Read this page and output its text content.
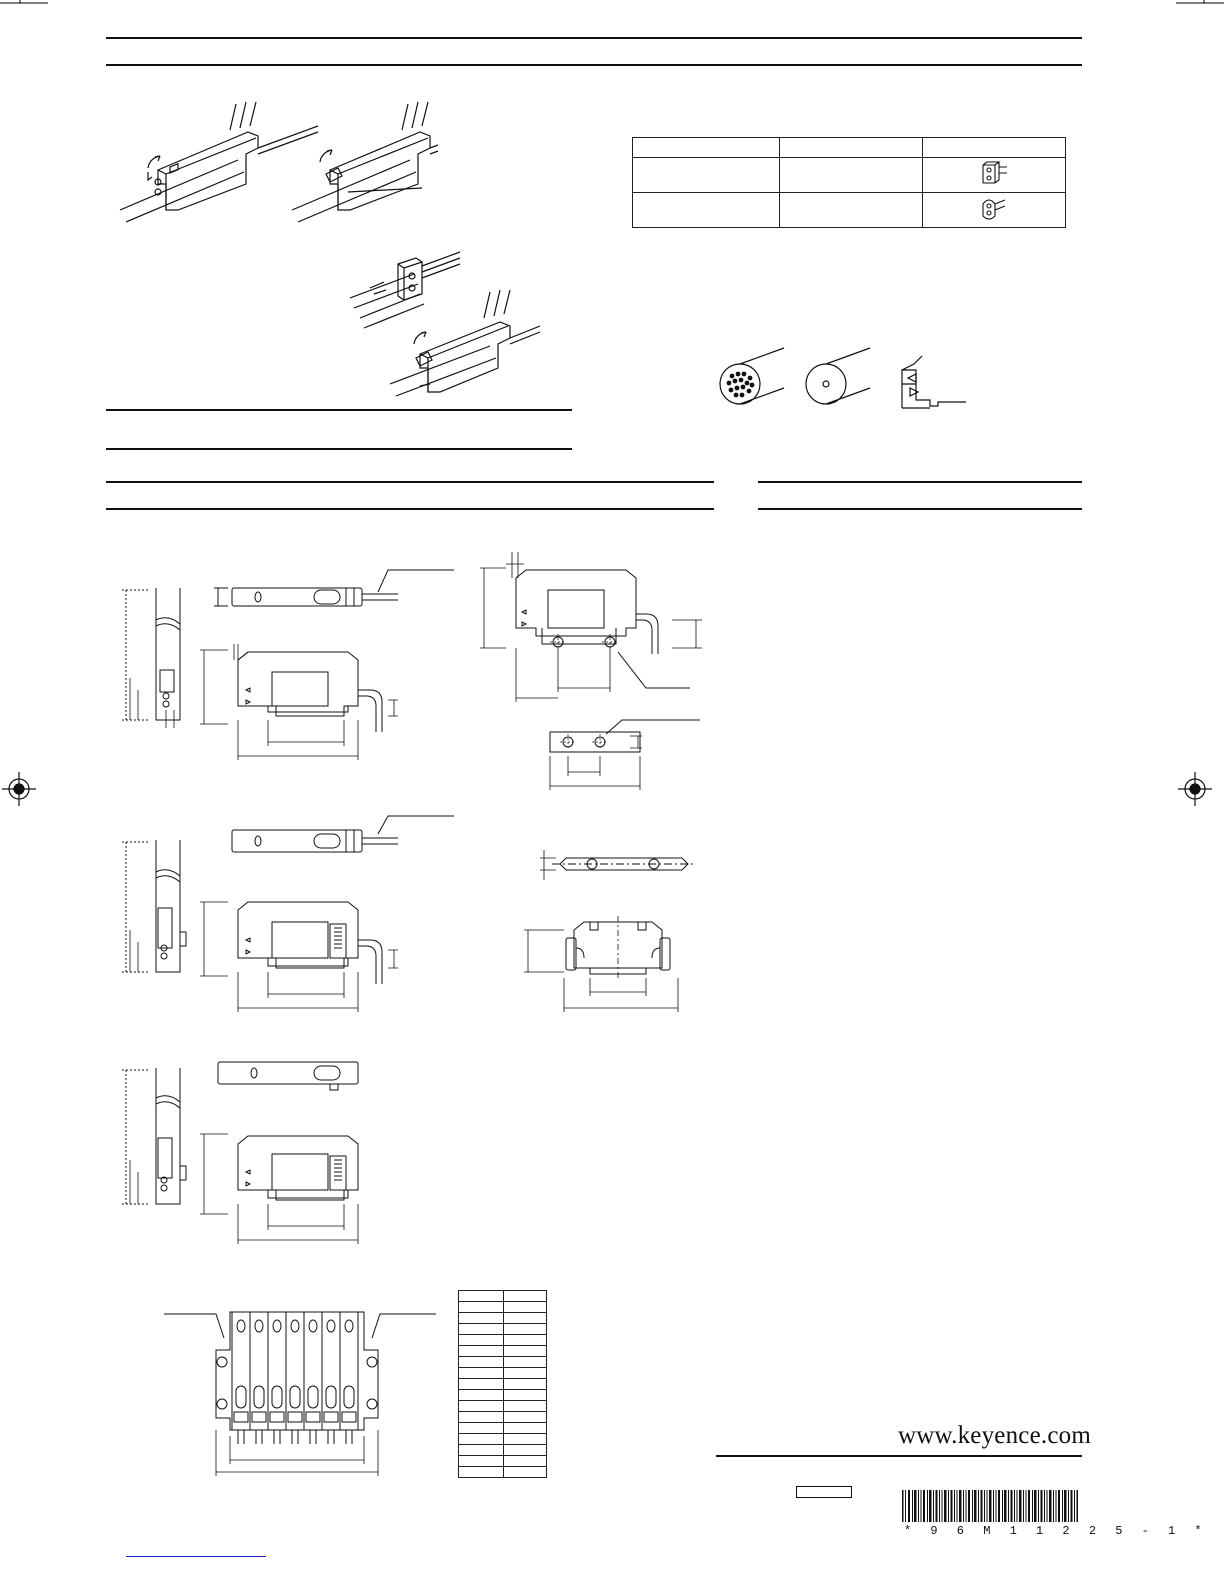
www.keyence.com
* 9 6 M 1 1 2 2 5 - 1 *
